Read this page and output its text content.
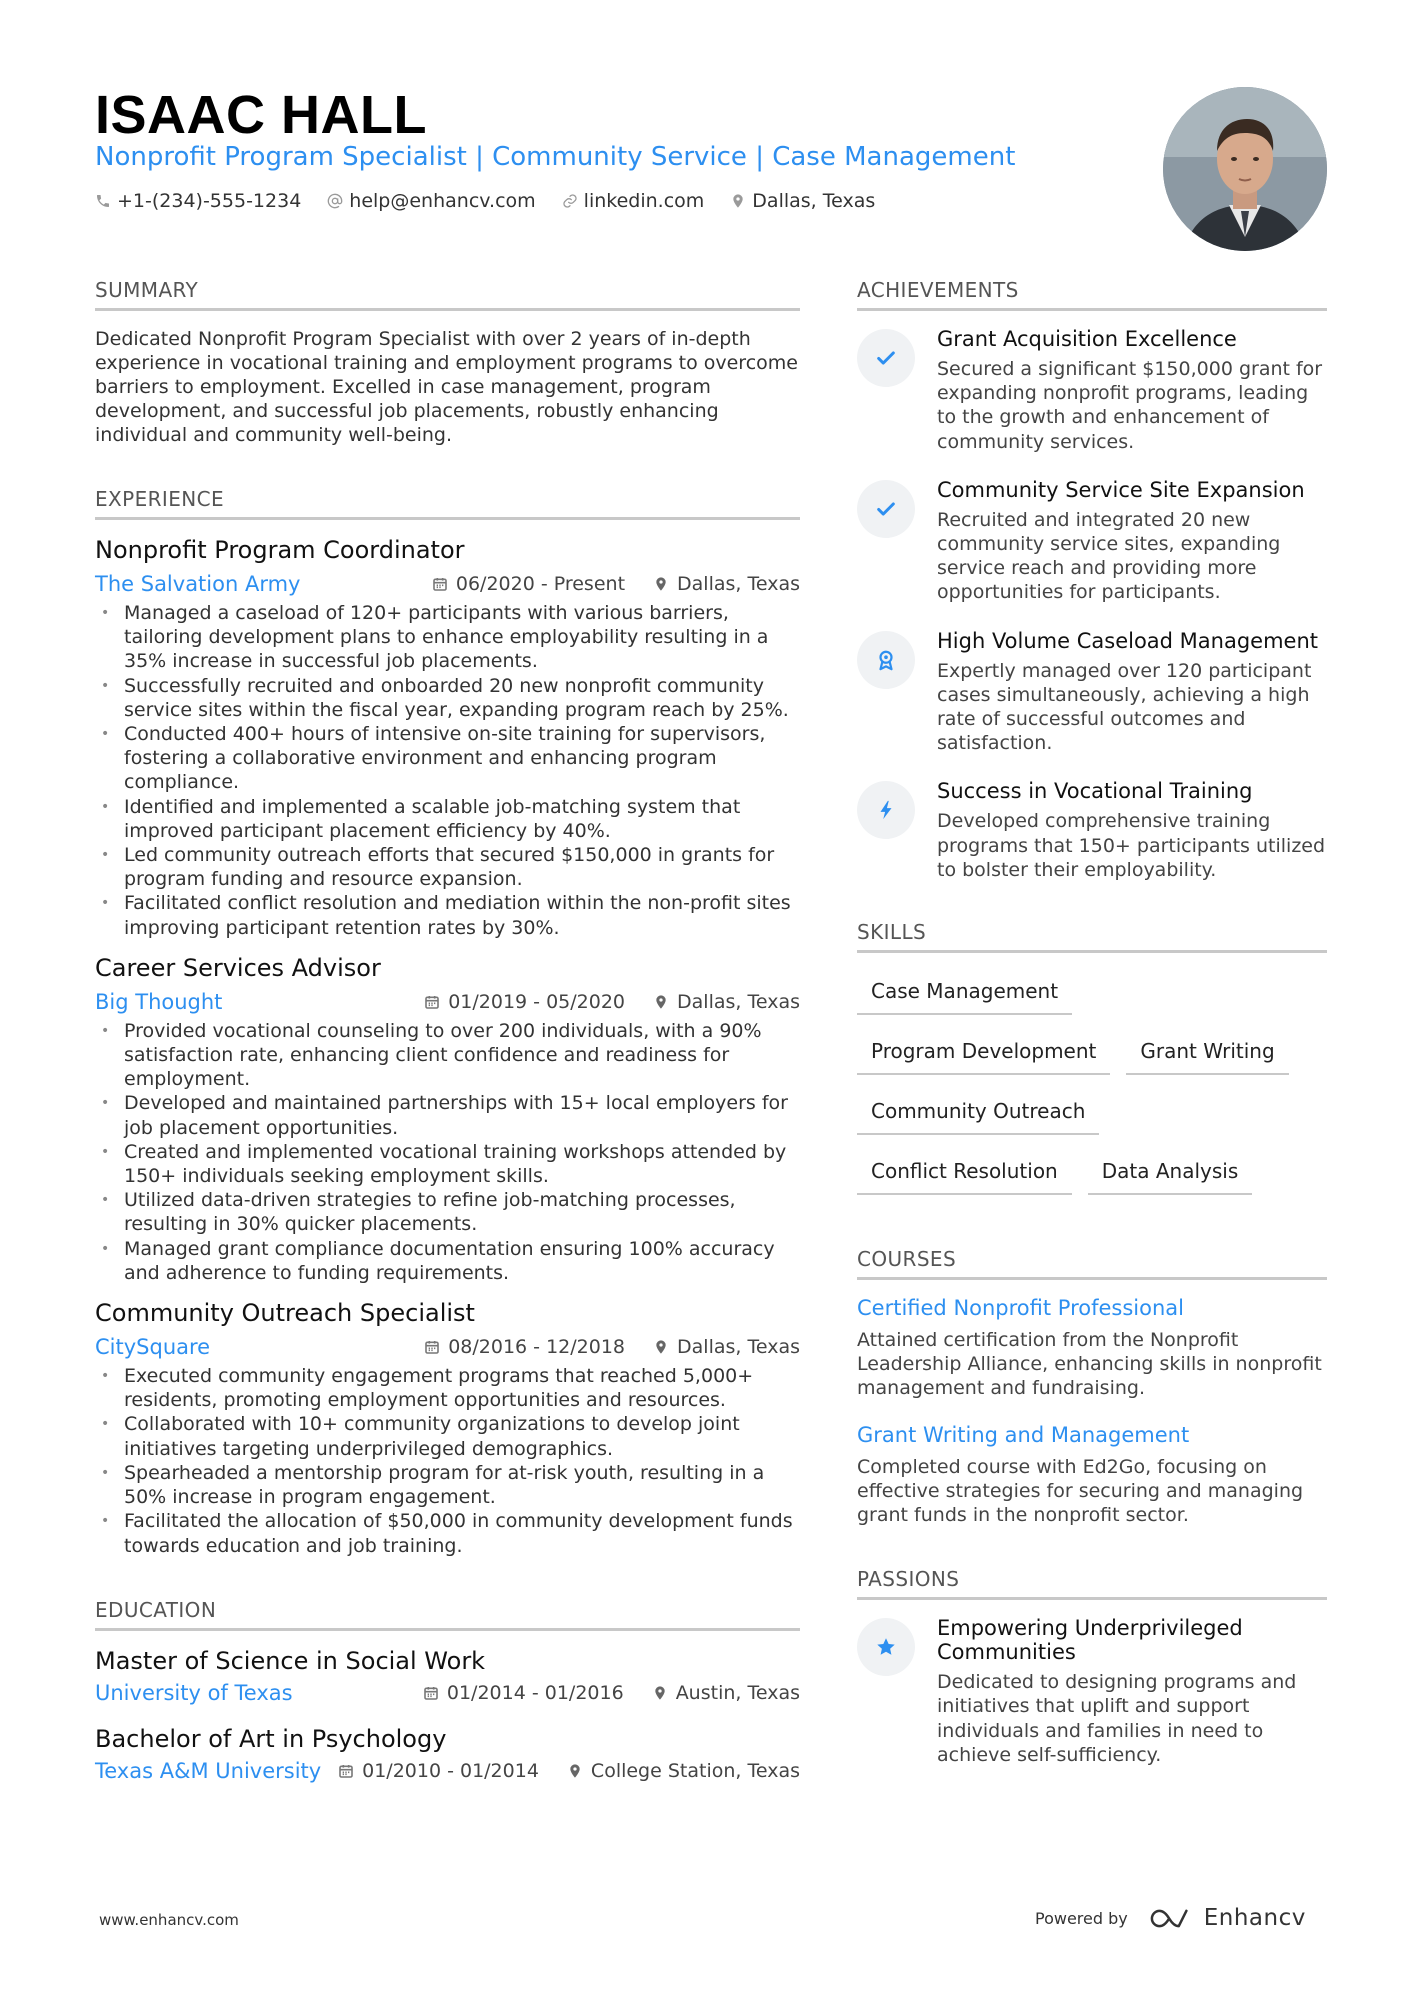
ISAAC HALL
Nonprofit Program Specialist | Community Service | Case Management
+1-(234)-555-1234	help@enhancv.com	linkedin.com	Dallas, Texas
SUMMARY

Dedicated Nonprofit Program Specialist with over 2 years of in-depth experience in vocational training and employment programs to overcome barriers to employment. Excelled in case management, program development, and successful job placements, robustly enhancing individual and community well-being.

EXPERIENCE
Nonprofit Program Coordinator
The Salvation Army	06/2020 - Present	Dallas, Texas
• Managed a caseload of 120+ participants with various barriers, tailoring development plans to enhance employability resulting in a 35% increase in successful job placements.
• Successfully recruited and onboarded 20 new nonprofit community service sites within the fiscal year, expanding program reach by 25%.
• Conducted 400+ hours of intensive on-site training for supervisors, fostering a collaborative environment and enhancing program compliance.
• Identified and implemented a scalable job-matching system that improved participant placement efficiency by 40%.
• Led community outreach efforts that secured $150,000 in grants for program funding and resource expansion.
• Facilitated conflict resolution and mediation within the non-profit sites improving participant retention rates by 30%.
Career Services Advisor
Big Thought	01/2019 - 05/2020	Dallas, Texas
• Provided vocational counseling to over 200 individuals, with a 90% satisfaction rate, enhancing client confidence and readiness for employment.
• Developed and maintained partnerships with 15+ local employers for job placement opportunities.
• Created and implemented vocational training workshops attended by 150+ individuals seeking employment skills.
• Utilized data-driven strategies to refine job-matching processes, resulting in 30% quicker placements.
• Managed grant compliance documentation ensuring 100% accuracy and adherence to funding requirements.
Community Outreach Specialist
CitySquare	08/2016 - 12/2018	Dallas, Texas
• Executed community engagement programs that reached 5,000+ residents, promoting employment opportunities and resources.
• Collaborated with 10+ community organizations to develop joint initiatives targeting underprivileged demographics.
• Spearheaded a mentorship program for at-risk youth, resulting in a 50% increase in program engagement.
• Facilitated the allocation of $50,000 in community development funds towards education and job training.
EDUCATION
Master of Science in Social Work
University of Texas	01/2014 - 01/2016	Austin, Texas
Bachelor of Art in Psychology
Texas A&M University 01/2010 - 01/2014	College Station, Texas
ACHIEVEMENTS
Grant Acquisition Excellence
Secured a significant $150,000 grant for expanding nonprofit programs, leading to the growth and enhancement of community services.
Community Service Site Expansion
Recruited and integrated 20 new community service sites, expanding service reach and providing more opportunities for participants.
High Volume Caseload Management
Expertly managed over 120 participant cases simultaneously, achieving a high rate of successful outcomes and satisfaction.
Success in Vocational Training
Developed comprehensive training programs that 150+ participants utilized to bolster their employability.
SKILLS
Case Management
Program Development	Grant Writing
Community Outreach
Conflict Resolution	Data Analysis
COURSES
Certified Nonprofit Professional
Attained certification from the Nonprofit Leadership Alliance, enhancing skills in nonprofit management and fundraising.
Grant Writing and Management
Completed course with Ed2Go, focusing on effective strategies for securing and managing grant funds in the nonprofit sector.
PASSIONS
Empowering Underprivileged Communities
Dedicated to designing programs and initiatives that uplift and support individuals and families in need to achieve self-sufficiency.
www.enhancv.com	Powered by	Enhancv
